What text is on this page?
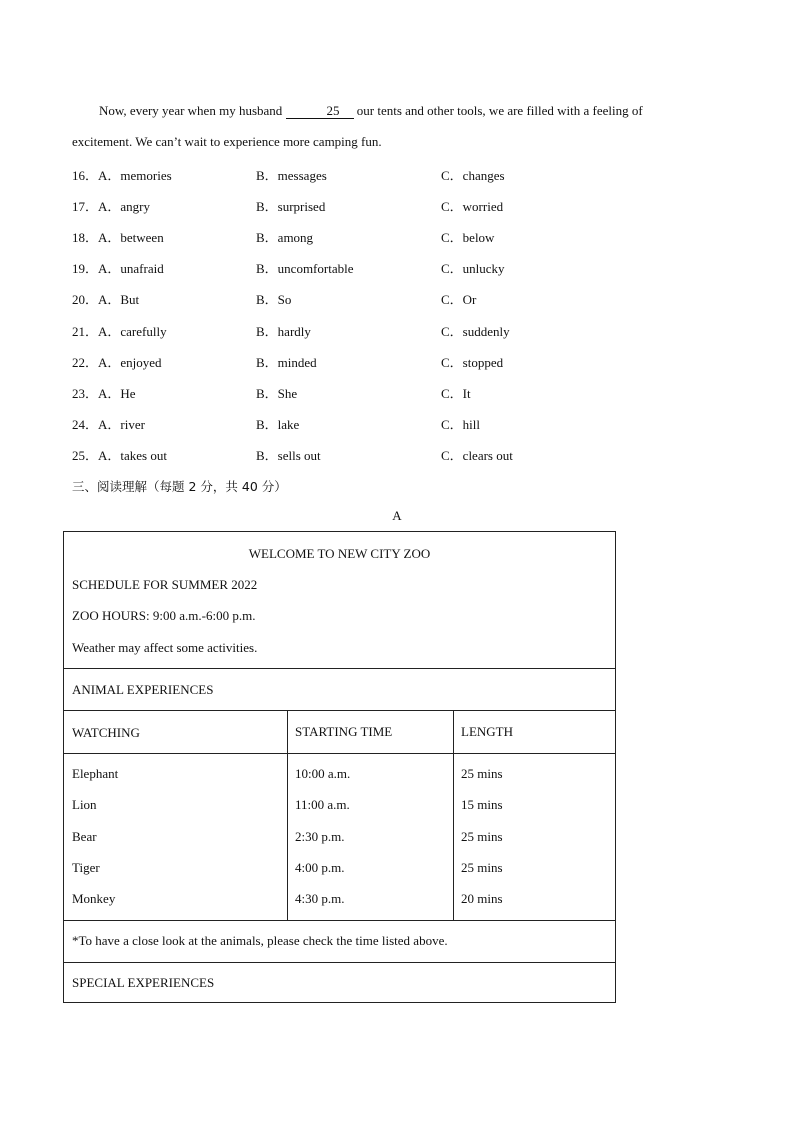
Now, every year when my husband	25 our tents and other tools, we are filled with a feeling of
excitement. We can’t wait to experience more camping fun.
16．A．memories	B．messages	C．changes
17．A．angry	B．surprised	C．worried
18．A．between	B．among	C．below
19．A．unafraid	B．uncomfortable	C．unlucky
20．A．But	B．So	C．Or
21．A．carefully	B．hardly	C．suddenly
22．A．enjoyed	B．minded	C．stopped
23．A．He	B．She	C．It
24．A．river	B．lake	C．hill
25．A．takes out	B．sells out	C．clears out
三、阅读理解（每题 2 分，共 40 分）
A
WELCOME TO NEW CITY ZOO
SCHEDULE FOR SUMMER 2022
ZOO HOURS: 9:00 a.m.-6:00 p.m.
Weather may affect some activities.
ANIMAL EXPERIENCES
WATCHING	STARTING TIME	LENGTH
Elephant	10:00 a.m.	25 mins
Lion	11:00 a.m.	15 mins
Bear	2:30 p.m.	25 mins
Tiger	4:00 p.m.	25 mins
Monkey	4:30 p.m.	20 mins
*To have a close look at the animals, please check the time listed above.
SPECIAL EXPERIENCES
